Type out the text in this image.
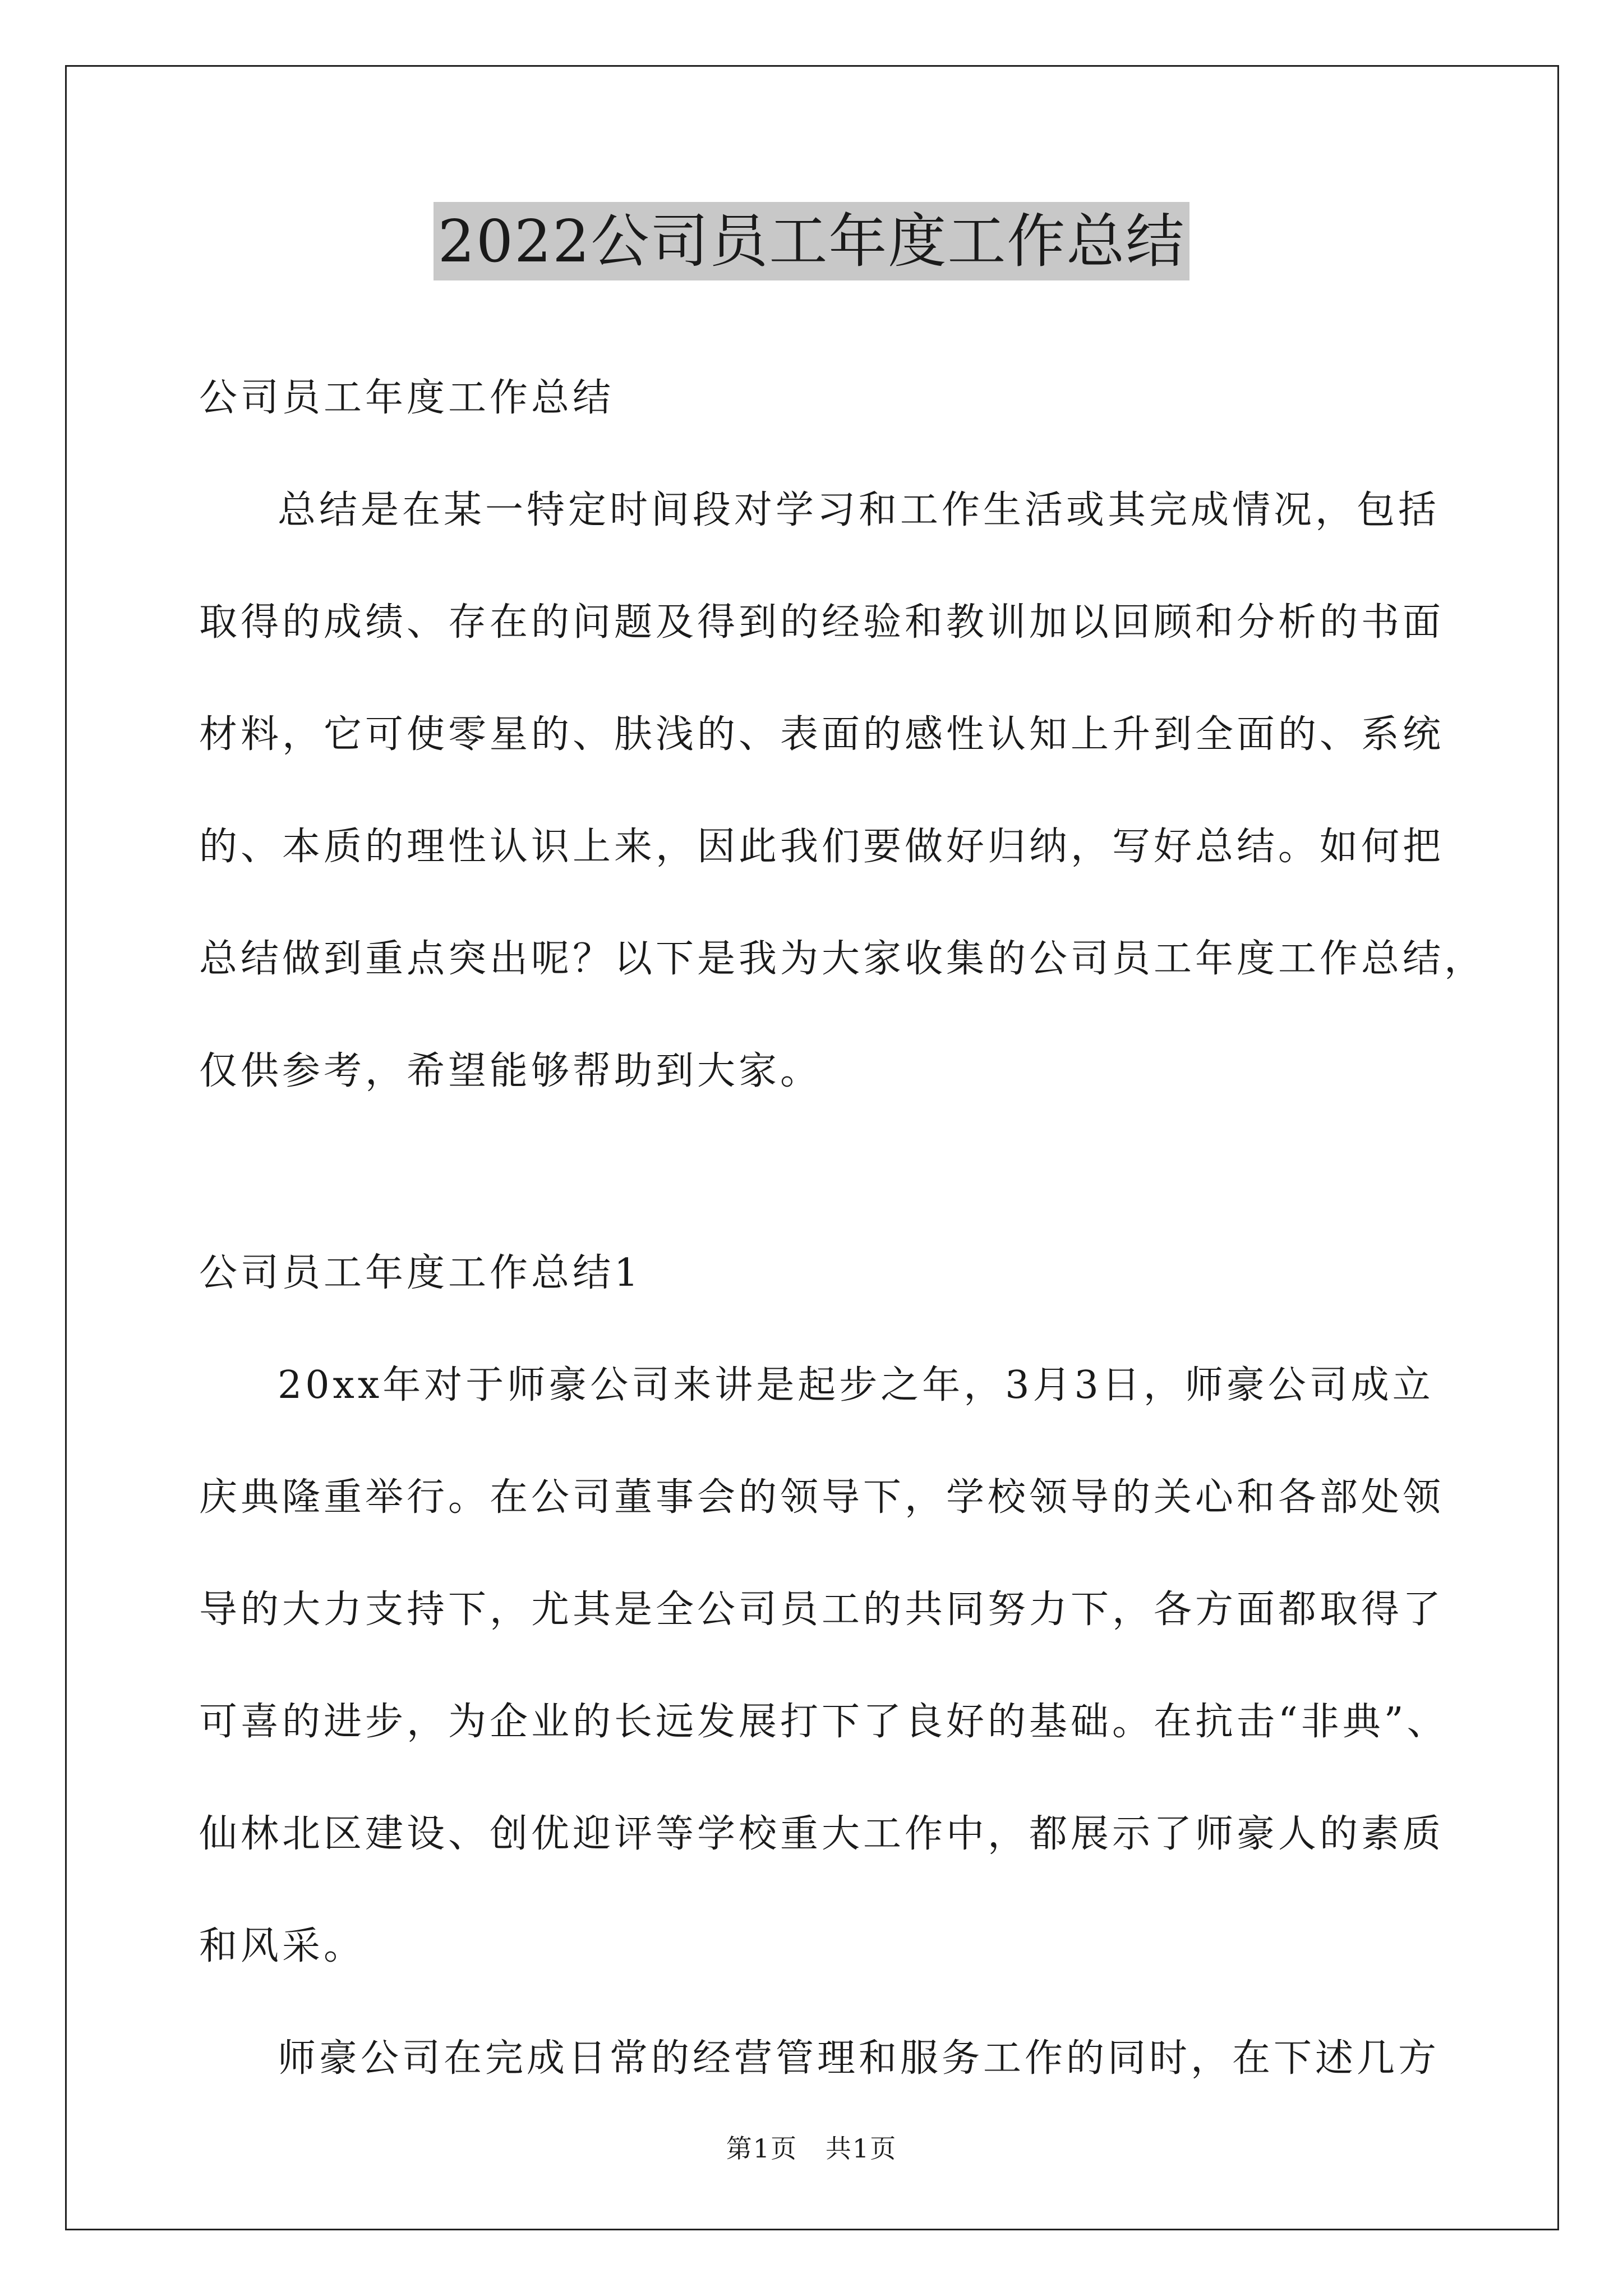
2022公司员工年度工作总结
公司员工年度工作总结
总结是在某一特定时间段对学习和工作生活或其完成情况，包括
取得的成绩、存在的问题及得到的经验和教训加以回顾和分析的书面
材料，它可使零星的、肤浅的、表面的感性认知上升到全面的、系统
的、本质的理性认识上来，因此我们要做好归纳，写好总结。如何把
总结做到重点突出呢？以下是我为大家收集的公司员工年度工作总结，
仅供参考，希望能够帮助到大家。
公司员工年度工作总结1
20xx年对于师豪公司来讲是起步之年，3月3日，师豪公司成立
庆典隆重举行。在公司董事会的领导下，学校领导的关心和各部处领
导的大力支持下，尤其是全公司员工的共同努力下，各方面都取得了
可喜的进步，为企业的长远发展打下了良好的基础。在抗击“非典”、
仙林北区建设、创优迎评等学校重大工作中，都展示了师豪人的素质
和风采。
师豪公司在完成日常的经营管理和服务工作的同时，在下述几方
第1页   共1页
